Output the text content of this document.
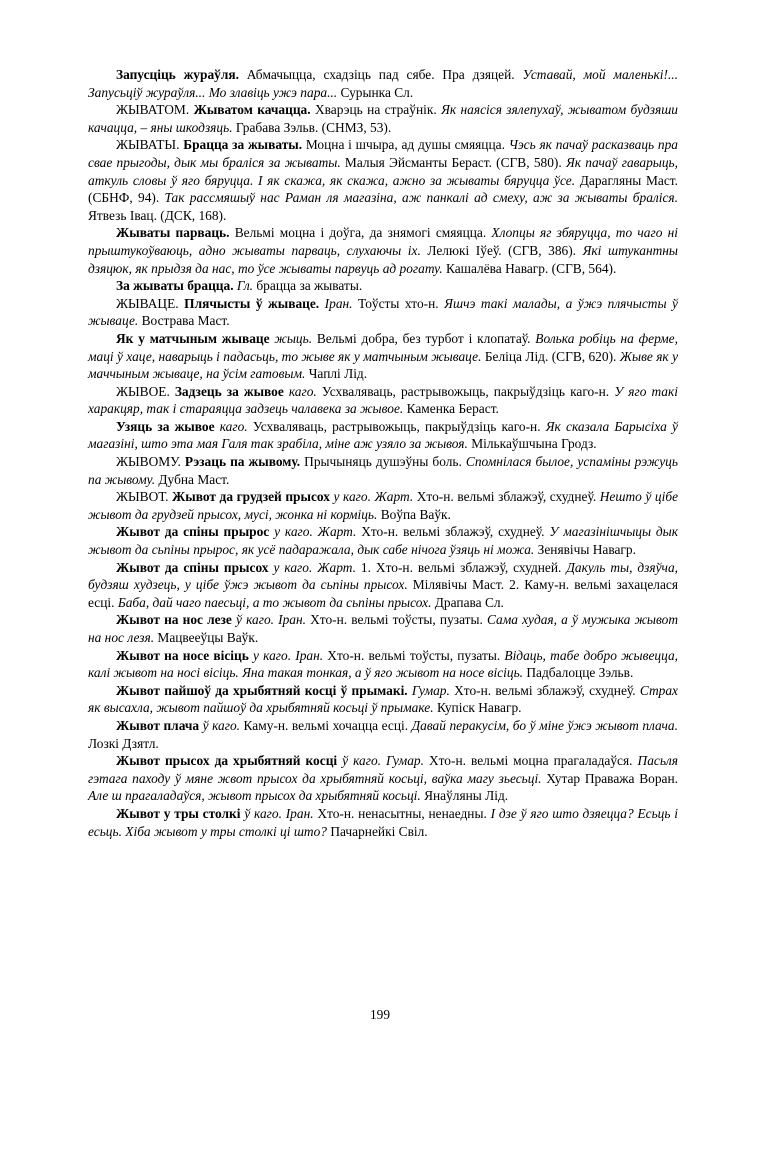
Запусціць жураўля. Абмачыцца, схадзіць пад сябе. Пра дзяцей. Уставай, мой маленькі!... Запусьціў жураўля... Мо злавіць ужэ пара... Сурынка Сл.

ЖЫВАТОМ. Жыватом качацца. Хварэць на страўнік. Як наясіся зялепухаў, жыватом будзяши качацца, – яны шкодзяць. Грабава Зэльв. (СНМЗ, 53).

ЖЫВАТЫ. Брацца за жываты. Моцна і шчыра, ад душы смяяцца. Чэсь як пачаў расказваць пра свае прыгоды, дык мы браліся за жываты. Малыя Эйсманты Бераст. (СГВ, 580). Як пачаў гаварыць, аткуль словы ў яго бяруцца. І як скажа, як скажа, ажно за жываты бяруцца ўсе. Дарагляны Маст. (СБНФ, 94). Так рассмяшыў нас Раман ля магазіна, аж панкалі ад смеху, аж за жываты браліся. Ятвезь Івац. (ДСК, 168).

Жываты парваць. Вельмі моцна і доўга, да знямогі смяяцца. Хлопцы яг збяруцца, то чаго ні прыштукоўваюць, адно жываты парваць, слухаючы іх. Лелюкі Іўеў. (СГВ, 386). Які штукантны дзяцюк, як прыдзя да нас, то ўсе жываты парвуць ад рогату. Кашалёва Навагр. (СГВ, 564).

За жываты брацца. Гл. брацца за жываты.

ЖЫВАЦЕ. Плячысты ў жываце. Іран. Тоўсты хто-н. Яшчэ такі малады, а ўжэ плячысты ў жываце. Вострава Маст.

Як у матчыным жываце жыць. Вельмі добра, без турбот і клопатаў. Волька робіць на ферме, маці ў хаце, наварыць і падасьць, то жыве як у матчыным жываце. Беліца Лід. (СГВ, 620). Жыве як у маччыным жываце, на ўсім гатовым. Чаплі Лід.

ЖЫВОЕ. Задзець за жывое каго. Усхваляваць, растрывожыць, пакрыўдзіць каго-н. У яго такі харакцяр, так і стараяцца задзець чалавека за жывое. Каменка Бераст.

Узяць за жывое каго. Усхваляваць, растрывожыць, пакрыўдзіць каго-н. Як сказала Барысіха ў магазіні, што эта мая Галя так зрабіла, міне аж узяло за жывоя. Мількаўшчына Гродз.

ЖЫВОМУ. Рэзаць па жывому. Прычыняць душэўны боль. Спомнілася былое, успаміны рэжуць па жывому. Дубна Маст.

ЖЫВОТ. Жывот да грудзей прысох у каго. Жарт. Хто-н. вельмі зблажэў, схуднеў. Нешто ў цібе жывот да грудзей прысох, мусі, жонка ні корміць. Воўпа Ваўк.

Жывот да спіны прырос у каго. Жарт. Хто-н. вельмі зблажэў, схуднеў. У магазінішчыцы дык жывот да сьпіны прырос, як усё падаражала, дык сабе нічога ўзяць ні можа. Зенявічы Навагр.

Жывот да спіны прысох у каго. Жарт. 1. Хто-н. вельмі зблажэў, схудней. Дакуль ты, дзяўча, будзяш худзець, у цібе ўжэ жывот да сьпіны прысох. Мілявічы Маст. 2. Каму-н. вельмі захацелася есці. Баба, дай чаго паесьці, а то жывот да сьпіны прысох. Драпава Сл.

Жывот на нос лезе ў каго. Іран. Хто-н. вельмі тоўсты, пузаты. Сама худая, а ў мужыка жывот на нос лезя. Мацвееўцы Ваўк.

Жывот на носе вісіць у каго. Іран. Хто-н. вельмі тоўсты, пузаты. Відаць, табе добро жывецца, калі жывот на носі вісіць. Яна такая тонкая, а ў яго жывот на носе вісіць. Падбалоцце Зэльв.

Жывот пайшоў да хрыбятняй косці ў прымакі. Гумар. Хто-н. вельмі зблажэў, схуднеў. Страх як высахла, жывот пайшоў да хрыбятняй косьці ў прымаке. Купіск Навагр.

Жывот плача ў каго. Каму-н. вельмі хочацца есці. Давай перакусім, бо ў міне ўжэ жывот плача. Лозкі Дзятл.

Жывот прысох да хрыбятняй косці ў каго. Гумар. Хто-н. вельмі моцна прагаладаўся. Пасьля гэтага паходу ў мяне жвот прысох да хрыбятняй косьці, ваўка магу зьесьці. Хутар Праважа Воран. Але ш прагаладаўся, жывот прысох да хрыбятняй косьці. Янаўляны Лід.

Жывот у тры столкі ў каго. Іран. Хто-н. ненасытны, ненаедны. І дзе ў яго што дзяецца? Есьць і есьць. Хіба жывот у тры столкі ці што? Пачарнейкі Свіл.

199
